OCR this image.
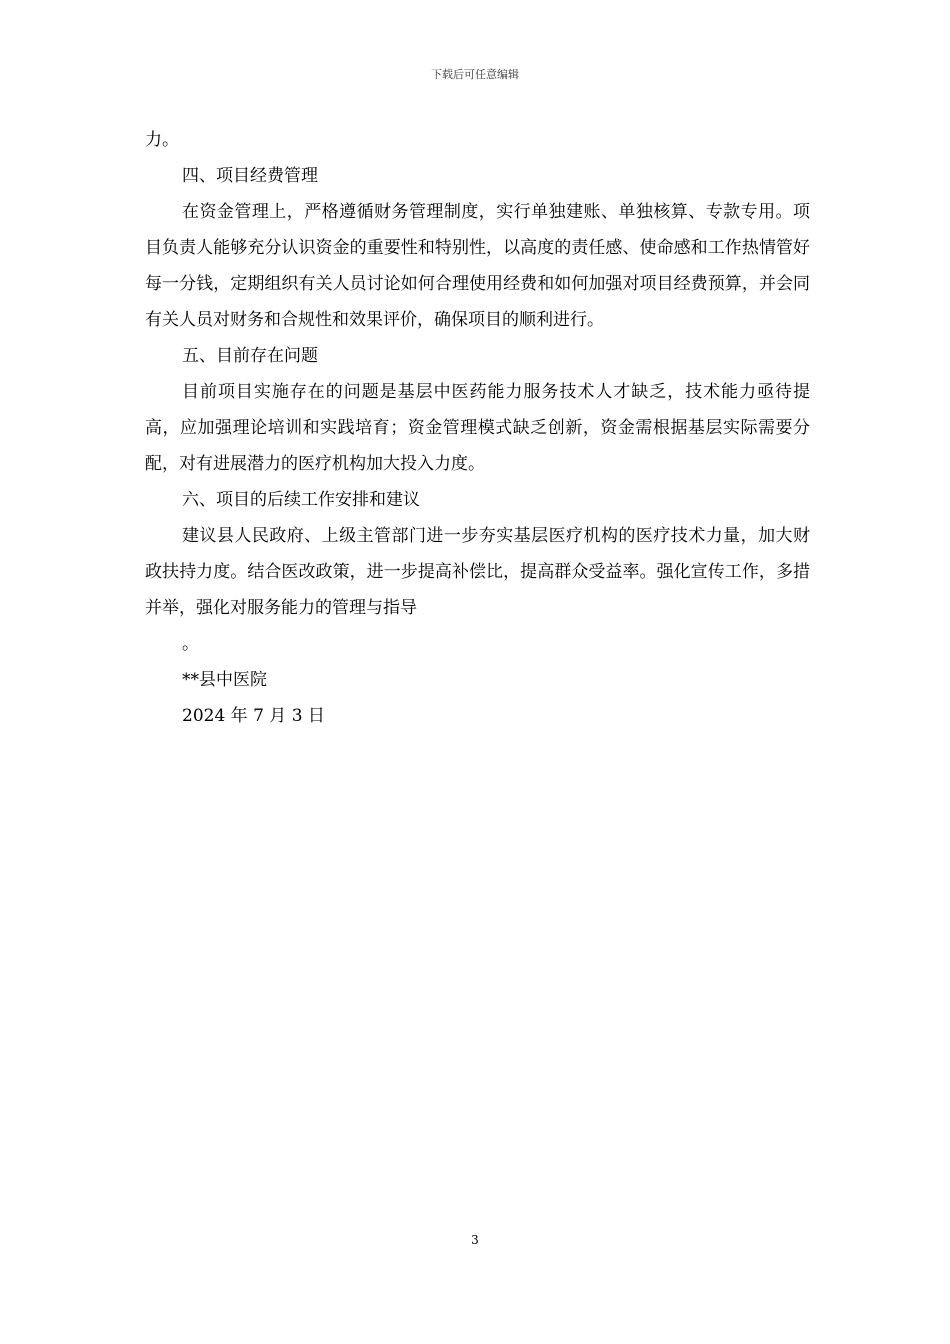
下载后可任意编辑

力。

四、项目经费管理

在资金管理上，严格遵循财务管理制度，实行单独建账、单独核算、专款专用。项目负责人能够充分认识资金的重要性和特别性，以高度的责任感、使命感和工作热情管好每一分钱，定期组织有关人员讨论如何合理使用经费和如何加强对项目经费预算，并会同有关人员对财务和合规性和效果评价，确保项目的顺利进行。

五、目前存在问题

目前项目实施存在的问题是基层中医药能力服务技术人才缺乏，技术能力亟待提高，应加强理论培训和实践培育；资金管理模式缺乏创新，资金需根据基层实际需要分配，对有进展潜力的医疗机构加大投入力度。

六、项目的后续工作安排和建议

建议县人民政府、上级主管部门进一步夯实基层医疗机构的医疗技术力量，加大财政扶持力度。结合医改政策，进一步提高补偿比，提高群众受益率。强化宣传工作，多措并举，强化对服务能力的管理与指导

。

**县中医院

2024 年 7 月 3 日

3
